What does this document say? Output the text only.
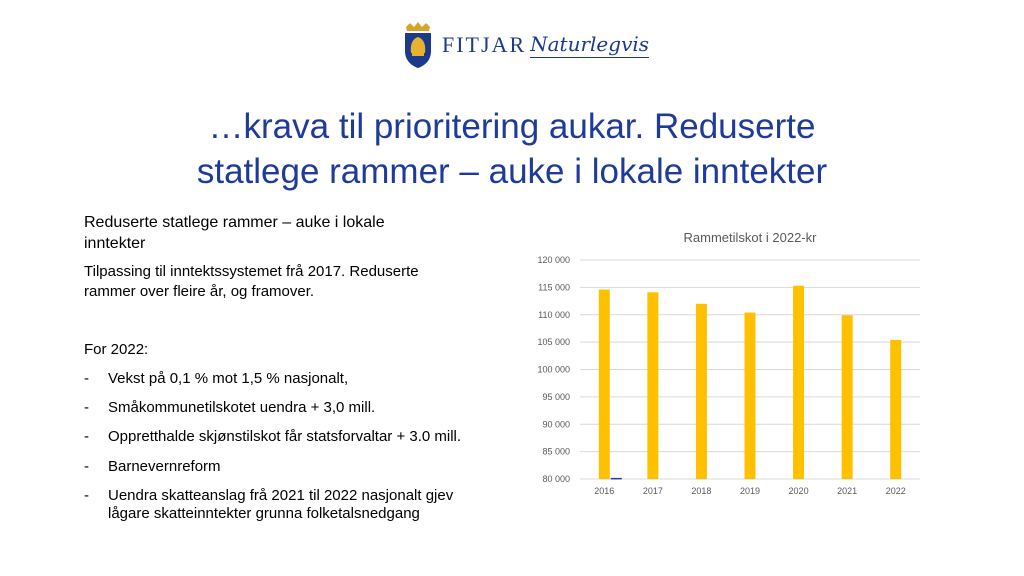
FITJAR Naturlegvis
…krava til prioritering aukar. Reduserte
statlege rammer – auke i lokale inntekter
Reduserte statlege rammer – auke i lokale
inntekter
Tilpassing til inntektssystemet frå 2017. Reduserte
rammer over fleire år, og framover.
For 2022:
- Vekst på 0,1 % mot 1,5 % nasjonalt,
- Småkommunetilskotet uendra + 3,0 mill.
- Oppretthalde skjønstilskot får statsforvaltar + 3.0 mill.
- Barnevernreform
- Uendra skatteanslag frå 2021 til 2022 nasjonalt gjev
lågare skatteinntekter grunna folketalsnedgang
Rammetilskot i 2022-kr
80 000
85 000
90 000
95 000
100 000
105 000
110 000
115 000
120 000
2016	2017	2018	2019	2020	2021	2022
